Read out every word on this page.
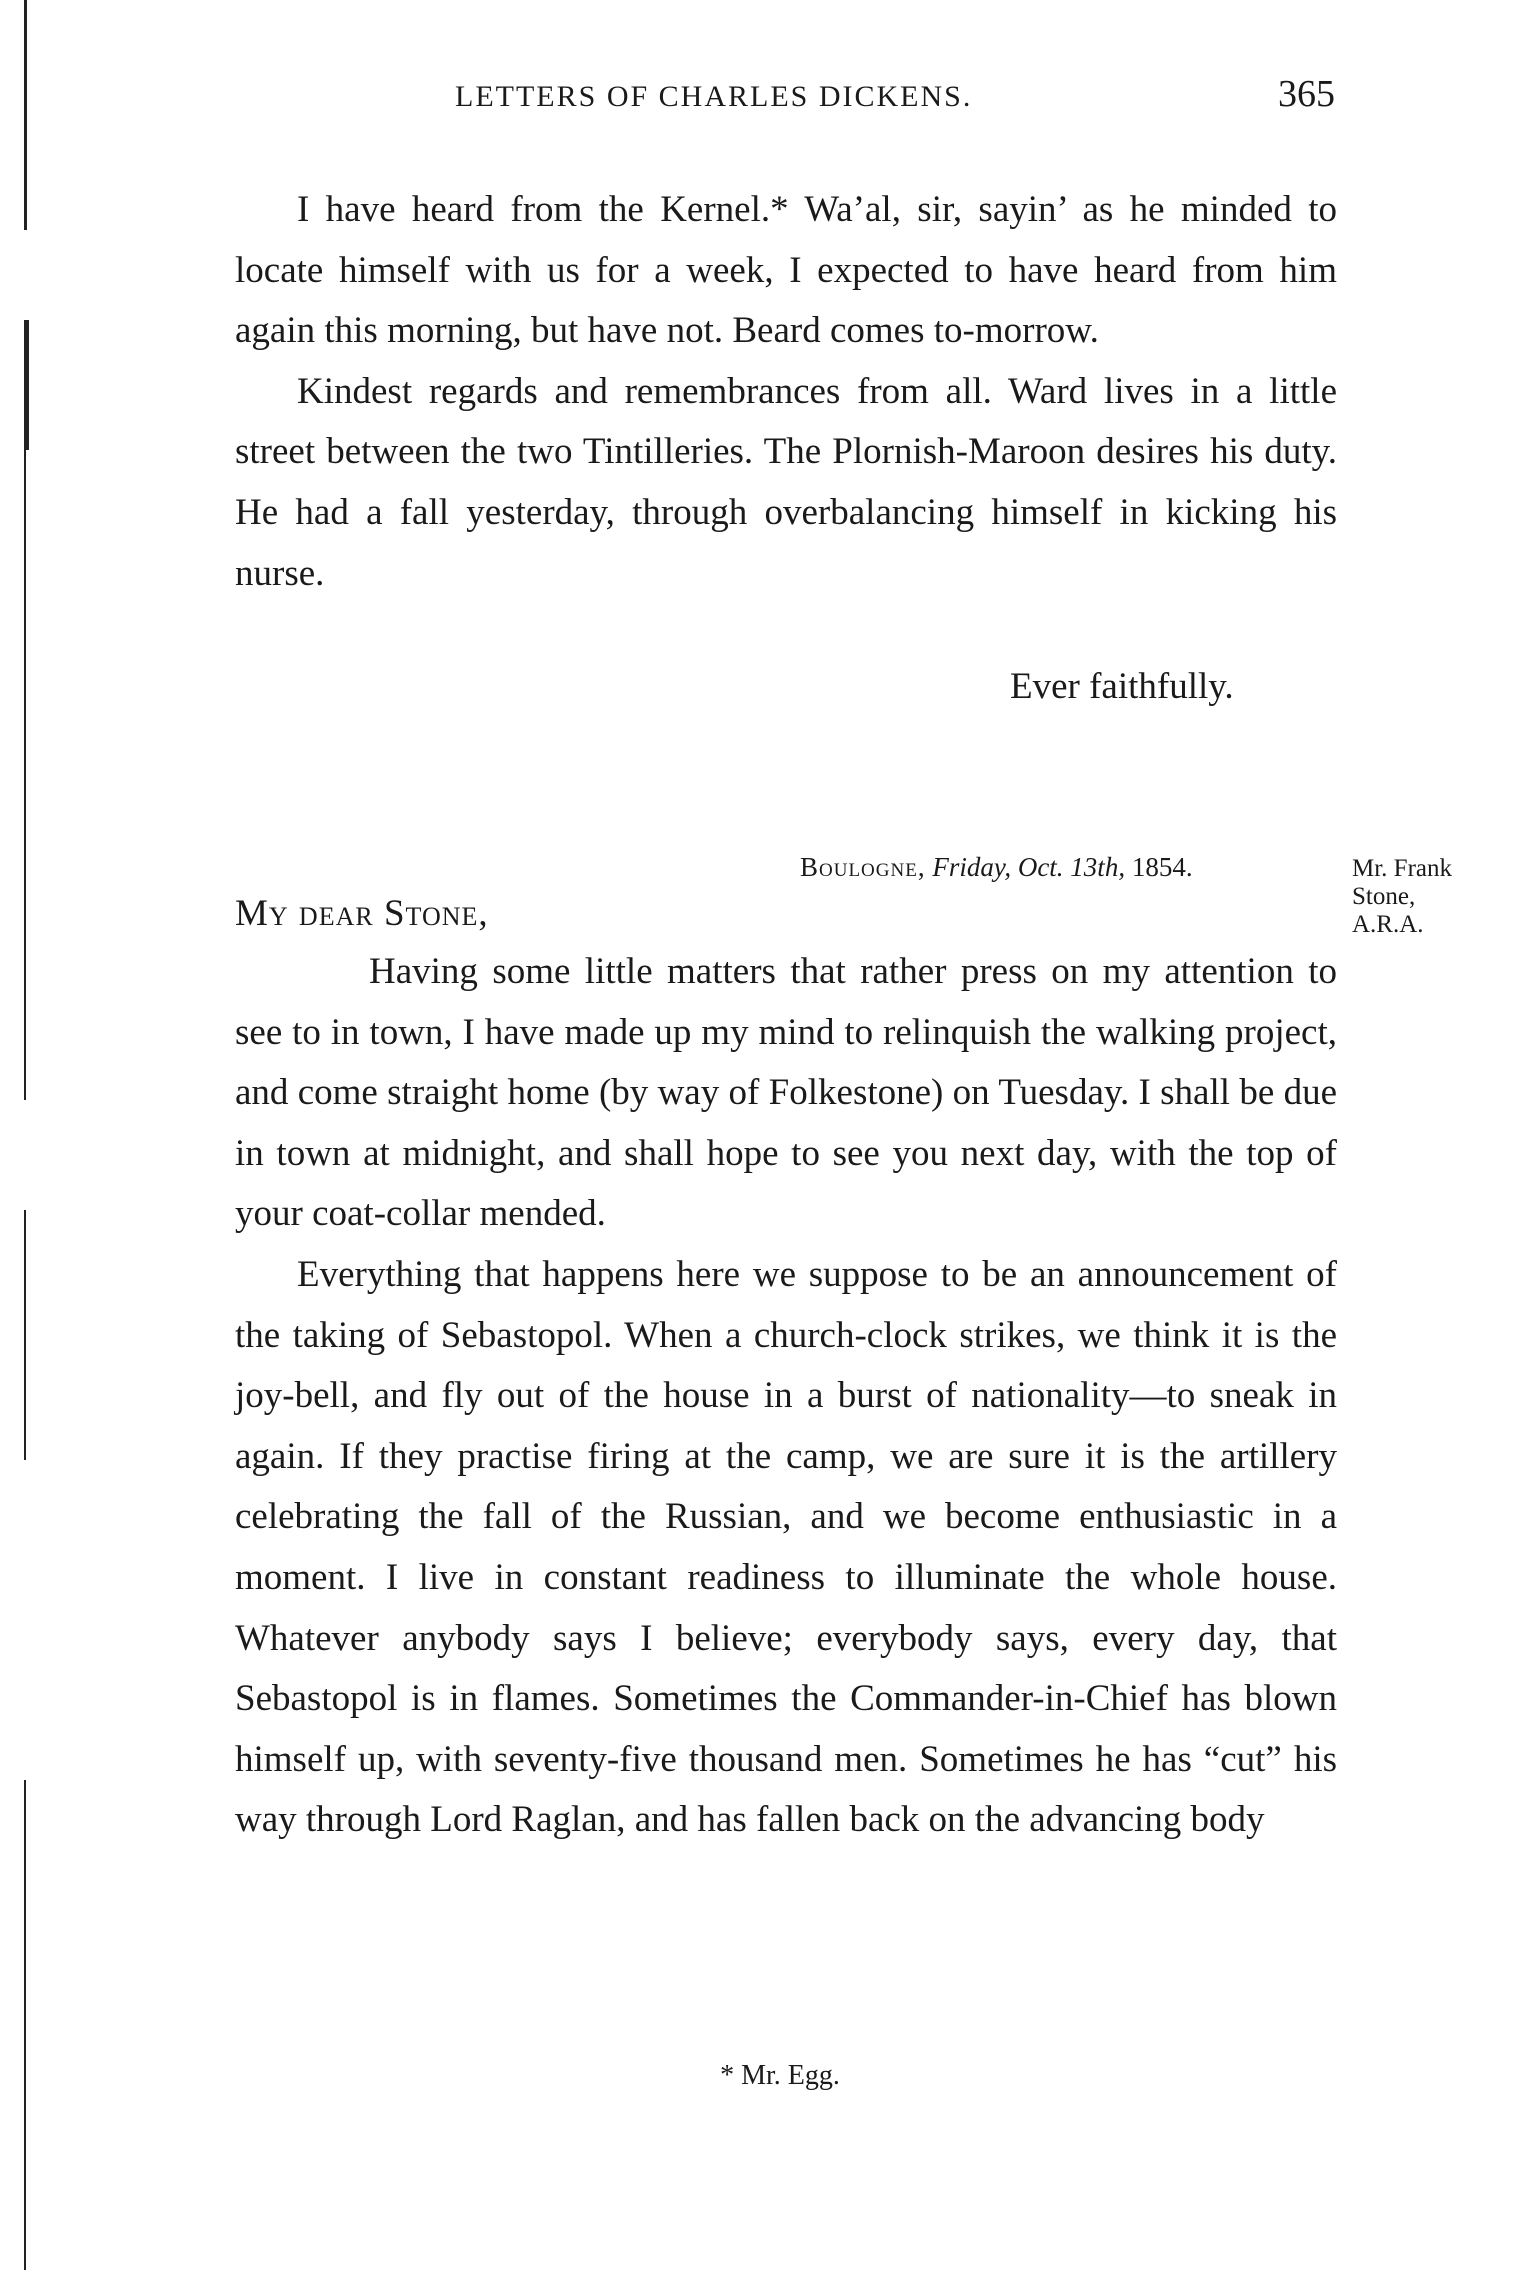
LETTERS OF CHARLES DICKENS.	365

I have heard from the Kernel.* Wa’al, sir, sayin’ as he minded to locate himself with us for a week, I expected to have heard from him again this morning, but have not. Beard comes to-morrow.

Kindest regards and remembrances from all. Ward lives in a little street between the two Tintilleries. The Plornish-Maroon desires his duty. He had a fall yesterday, through overbalancing himself in kicking his nurse.

Ever faithfully.
Boulogne, Friday, Oct. 13th, 1854.	Mr. Frank
Stone,
A.R.A.
My dear Stone,

Having some little matters that rather press on my attention to see to in town, I have made up my mind to relinquish the walking project, and come straight home (by way of Folkestone) on Tuesday. I shall be due in town at midnight, and shall hope to see you next day, with the top of your coat-collar mended.

Everything that happens here we suppose to be an announcement of the taking of Sebastopol. When a church-clock strikes, we think it is the joy-bell, and fly out of the house in a burst of nationality—to sneak in again. If they practise firing at the camp, we are sure it is the artillery celebrating the fall of the Russian, and we become enthusiastic in a moment. I live in constant readiness to illuminate the whole house. Whatever anybody says I believe; everybody says, every day, that Sebastopol is in flames. Sometimes the Commander-in-Chief has blown himself up, with seventy-five thousand men. Sometimes he has “cut” his way through Lord Raglan, and has fallen back on the advancing body

* Mr. Egg.
